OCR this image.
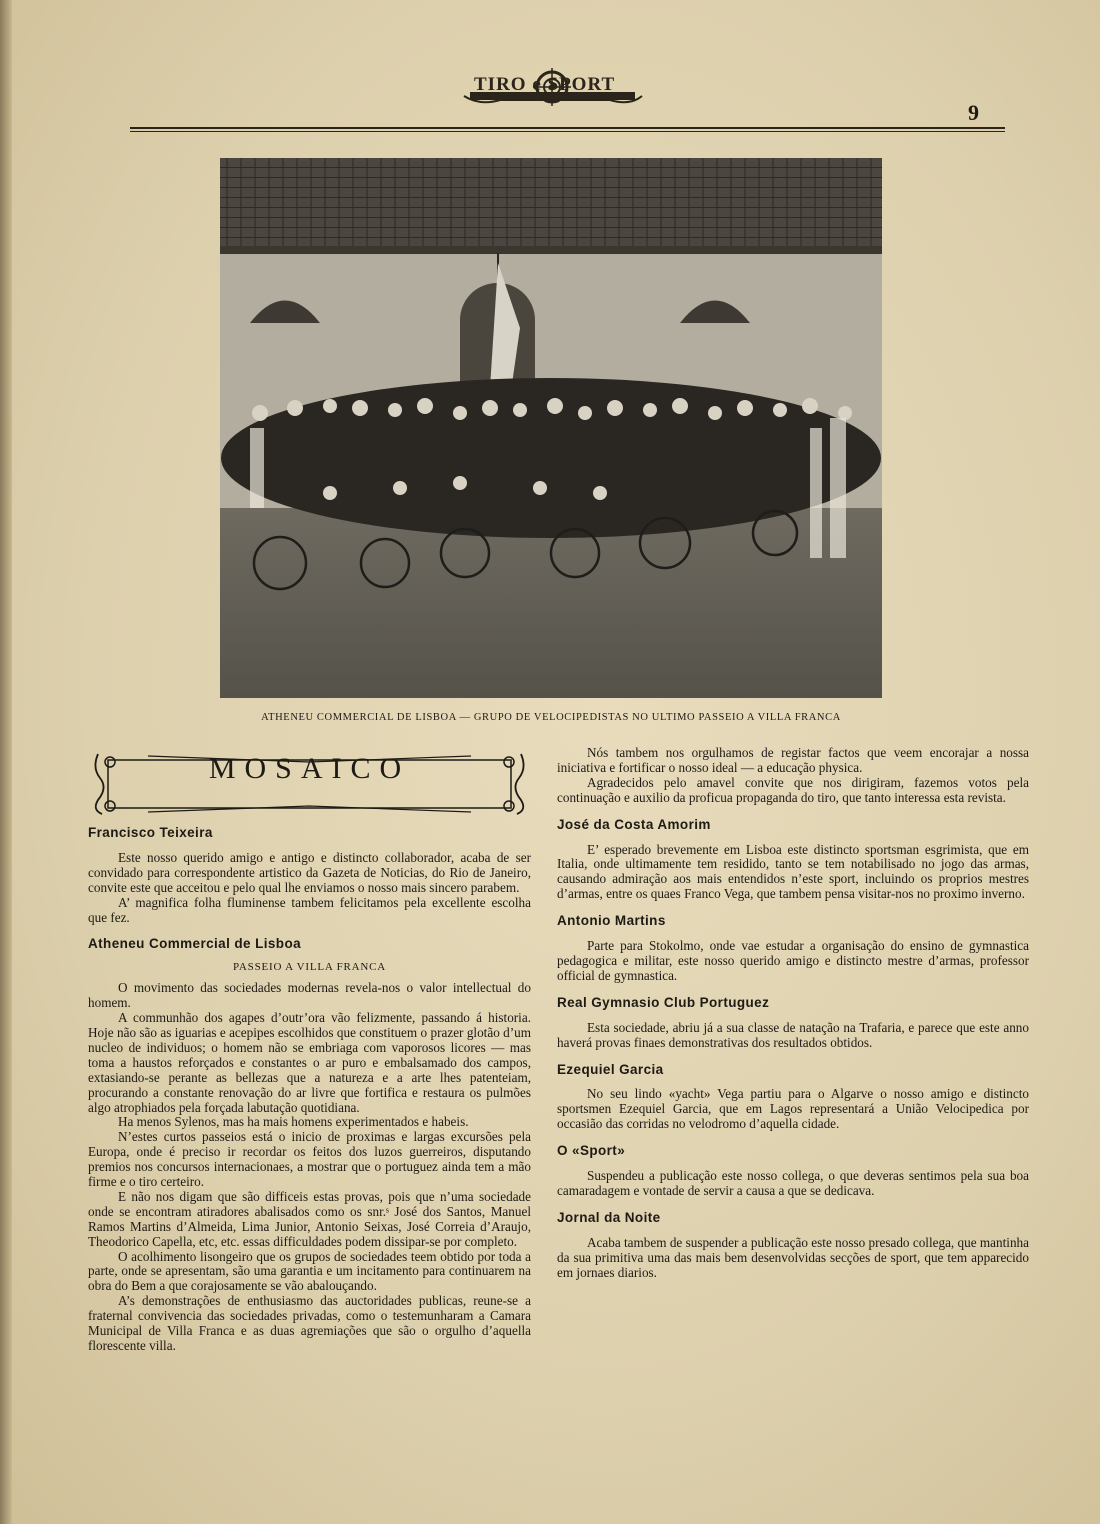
TIRO e SPORT
9
ATHENEU COMMERCIAL DE LISBOA — GRUPO DE VELOCIPEDISTAS NO ULTIMO PASSEIO A VILLA FRANCA
MOSAICO
Francisco Teixeira

Este nosso querido amigo e antigo e distincto collaborador, acaba de ser convidado para correspondente artistico da Gazeta de Noticias, do Rio de Janeiro, convite este que acceitou e pelo qual lhe enviamos o nosso mais sincero parabem.

A’ magnifica folha fluminense tambem felicitamos pela excellente escolha que fez.

Atheneu Commercial de Lisboa
PASSEIO A VILLA FRANCA

O movimento das sociedades modernas revela-nos o valor intellectual do homem.

A communhão dos agapes d’outr’ora vão felizmente, passando á historia. Hoje não são as iguarias e acepipes escolhidos que constituem o prazer glotão d’um nucleo de individuos; o homem não se embriaga com vaporosos licores — mas toma a haustos reforçados e constantes o ar puro e embalsamado dos campos, extasiando-se perante as bellezas que a natureza e a arte lhes patenteiam, procurando a constante renovação do ar livre que fortifica e restaura os pulmões algo atrophiados pela forçada labutação quotidiana.

Ha menos Sylenos, mas ha mais homens experimentados e habeis.

N’estes curtos passeios está o inicio de proximas e largas excursões pela Europa, onde é preciso ir recordar os feitos dos luzos guerreiros, disputando premios nos concursos internacionaes, a mostrar que o portuguez ainda tem a mão firme e o tiro certeiro.

E não nos digam que são difficeis estas provas, pois que n’uma sociedade onde se encontram atiradores abalisados como os snr.ˢ José dos Santos, Manuel Ramos Martins d’Almeida, Lima Junior, Antonio Seixas, José Correia d’Araujo, Theodorico Capella, etc, etc. essas difficuldades podem dissipar-se por completo.

O acolhimento lisongeiro que os grupos de sociedades teem obtido por toda a parte, onde se apresentam, são uma garantia e um incitamento para continuarem na obra do Bem a que corajosamente se vão abalouçando.

A’s demonstrações de enthusiasmo das auctoridades publicas, reune-se a fraternal convivencia das sociedades privadas, como o testemunharam a Camara Municipal de Villa Franca e as duas agremiações que são o orgulho d’aquella florescente villa.

Nós tambem nos orgulhamos de registar factos que veem encorajar a nossa iniciativa e fortificar o nosso ideal — a educação physica.

Agradecidos pelo amavel convite que nos dirigiram, fazemos votos pela continuação e auxilio da proficua propaganda do tiro, que tanto interessa esta revista.

José da Costa Amorim

E’ esperado brevemente em Lisboa este distincto sportsman esgrimista, que em Italia, onde ultimamente tem residido, tanto se tem notabilisado no jogo das armas, causando admiração aos mais entendidos n’este sport, incluindo os proprios mestres d’armas, entre os quaes Franco Vega, que tambem pensa visitar-nos no proximo inverno.

Antonio Martins

Parte para Stokolmo, onde vae estudar a organisação do ensino de gymnastica pedagogica e militar, este nosso querido amigo e distincto mestre d’armas, professor official de gymnastica.

Real Gymnasio Club Portuguez

Esta sociedade, abriu já a sua classe de natação na Trafaria, e parece que este anno haverá provas finaes demonstrativas dos resultados obtidos.

Ezequiel Garcia

No seu lindo «yacht» Vega partiu para o Algarve o nosso amigo e distincto sportsmen Ezequiel Garcia, que em Lagos representará a União Velocipedica por occasião das corridas no velodromo d’aquella cidade.

O «Sport»

Suspendeu a publicação este nosso collega, o que deveras sentimos pela sua boa camaradagem e vontade de servir a causa a que se dedicava.

Jornal da Noite

Acaba tambem de suspender a publicação este nosso presado collega, que mantinha da sua primitiva uma das mais bem desenvolvidas secções de sport, que tem apparecido em jornaes diarios.
